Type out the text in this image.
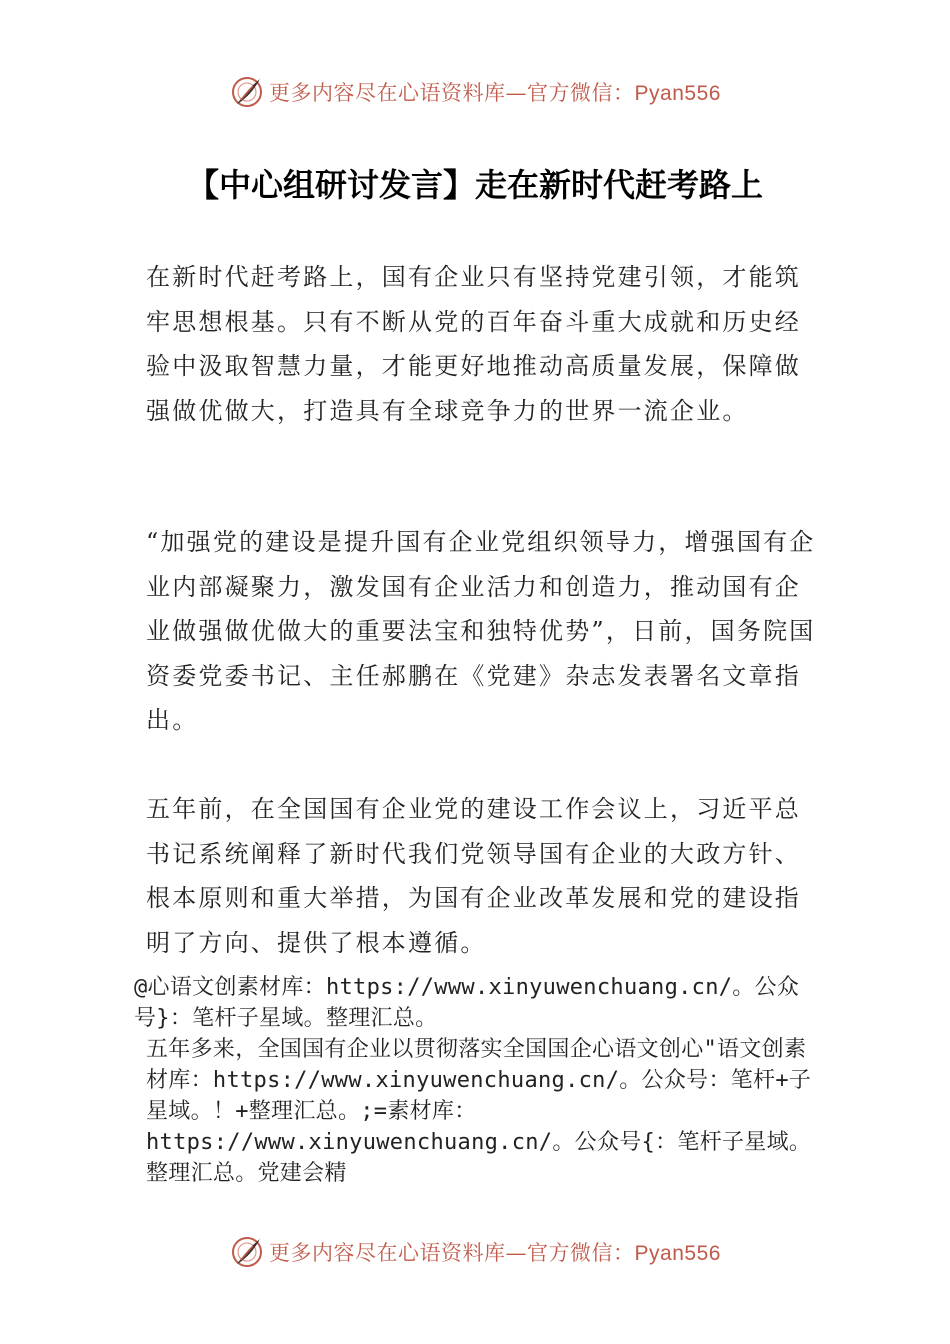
更多内容尽在心语资料库—官方微信：Pyan556
【中心组研讨发言】走在新时代赶考路上

在新时代赶考路上，国有企业只有坚持党建引领，才能筑牢思想根基。只有不断从党的百年奋斗重大成就和历史经验中汲取智慧力量，才能更好地推动高质量发展，保障做强做优做大，打造具有全球竞争力的世界一流企业。

“加强党的建设是提升国有企业党组织领导力，增强国有企业内部凝聚力，激发国有企业活力和创造力，推动国有企业做强做优做大的重要法宝和独特优势”，日前，国务院国资委党委书记、主任郝鹏在《党建》杂志发表署名文章指出。

五年前，在全国国有企业党的建设工作会议上，习近平总书记系统阐释了新时代我们党领导国有企业的大政方针、根本原则和重大举措，为国有企业改革发展和党的建设指明了方向、提供了根本遵循。

@心语文创素材库：https://www.xinyuwenchuang.cn/。公众号}：笔杆子星域。整理汇总。

五年多来，全国国有企业以贯彻落实全国国企心语文创心"语文创素材库：https://www.xinyuwenchuang.cn/。公众号：笔杆+子星域。！+整理汇总。;=素材库：https://www.xinyuwenchuang.cn/。公众号{：笔杆子星域。整理汇总。党建会精

更多内容尽在心语资料库—官方微信：Pyan556
